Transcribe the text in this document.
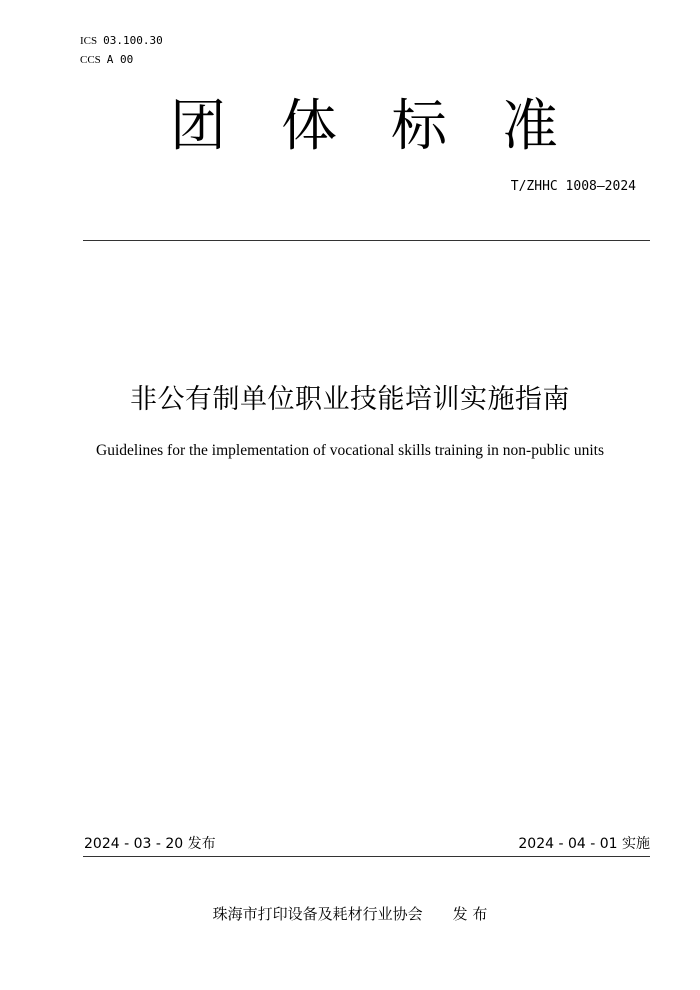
ICS 03.100.30
CCS A 00
团 体 标 准
T/ZHHC 1008—2024
非公有制单位职业技能培训实施指南
Guidelines for the implementation of vocational skills training in non-public units
2024 - 03 - 20 发布	2024 - 04 - 01 实施
珠海市打印设备及耗材行业协会 发 布
